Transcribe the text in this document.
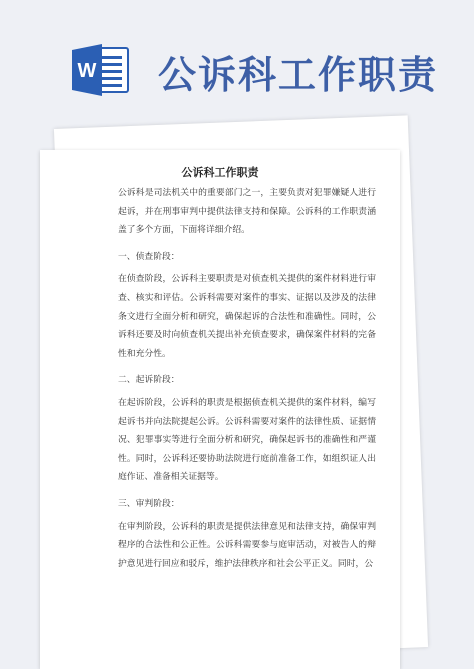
W 公诉科工作职责
公诉科工作职责

公诉科是司法机关中的重要部门之一，主要负责对犯罪嫌疑人进行起诉，并在刑事审判中提供法律支持和保障。公诉科的工作职责涵盖了多个方面，下面将详细介绍。

一、侦查阶段：

在侦查阶段，公诉科主要职责是对侦查机关提供的案件材料进行审查、核实和评估。公诉科需要对案件的事实、证据以及涉及的法律条文进行全面分析和研究，确保起诉的合法性和准确性。同时，公诉科还要及时向侦查机关提出补充侦查要求，确保案件材料的完备性和充分性。

二、起诉阶段：

在起诉阶段，公诉科的职责是根据侦查机关提供的案件材料，编写起诉书并向法院提起公诉。公诉科需要对案件的法律性质、证据情况、犯罪事实等进行全面分析和研究，确保起诉书的准确性和严谨性。同时，公诉科还要协助法院进行庭前准备工作，如组织证人出庭作证、准备相关证据等。

三、审判阶段：

在审判阶段，公诉科的职责是提供法律意见和法律支持，确保审判程序的合法性和公正性。公诉科需要参与庭审活动，对被告人的辩护意见进行回应和驳斥，维护法律秩序和社会公平正义。同时，公
